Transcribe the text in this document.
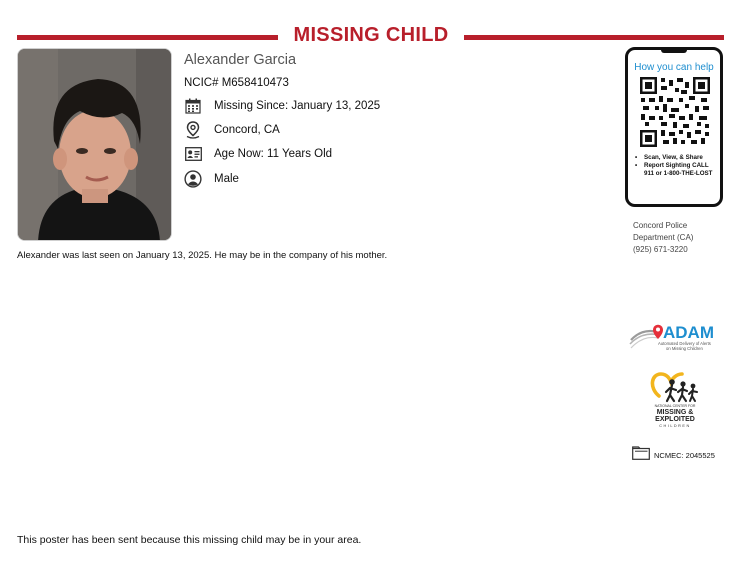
MISSING CHILD
Alexander Garcia
NCIC# M658410473
Missing Since: January 13, 2025
Concord, CA
Age Now: 11 Years Old
Male
Alexander was last seen on January 13, 2025. He may be in the company of his mother.
How you can help
• Scan, View, & Share
• Report Sighting CALL 911 or 1-800-THE-LOST
Concord Police
Department (CA)
(925) 671-3220
ADAM
Automated Delivery of Alerts
on Missing Children
NATIONAL CENTER FOR
MISSING &
EXPLOITED
CHILDREN
NCMEC: 2045525
This poster has been sent because this missing child may be in your area.
